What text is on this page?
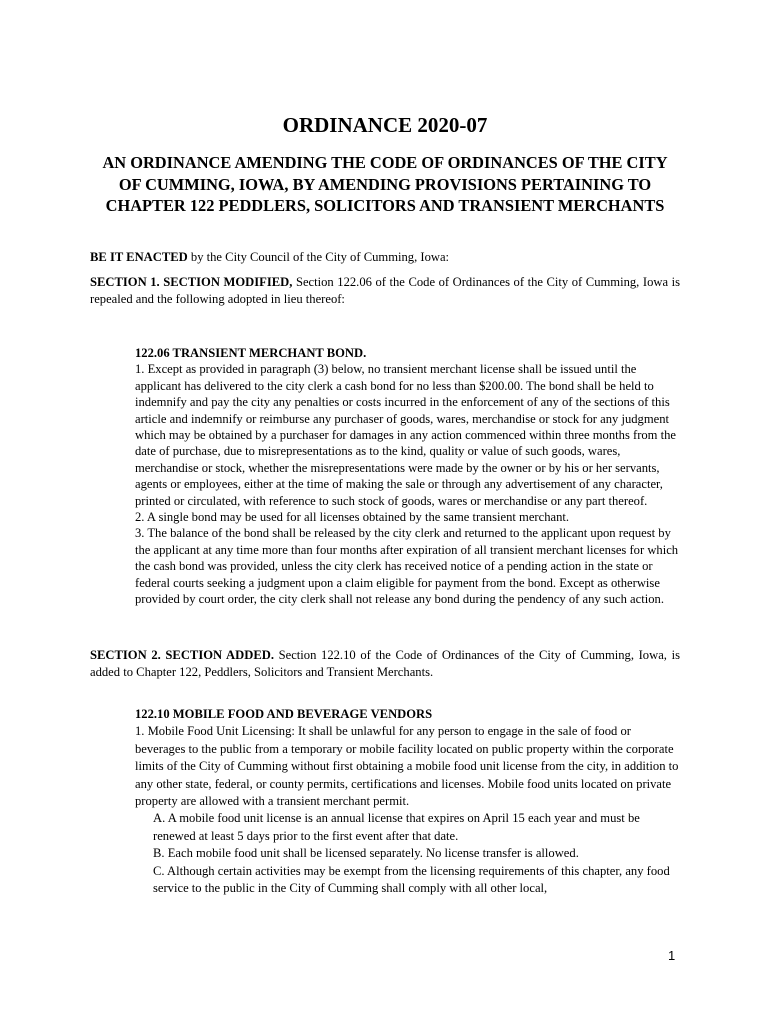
ORDINANCE 2020-07
AN ORDINANCE AMENDING THE CODE OF ORDINANCES OF THE CITY OF CUMMING, IOWA, BY AMENDING PROVISIONS PERTAINING TO CHAPTER 122 PEDDLERS, SOLICITORS AND TRANSIENT MERCHANTS

BE IT ENACTED by the City Council of the City of Cumming, Iowa:

SECTION 1. SECTION MODIFIED, Section 122.06 of the Code of Ordinances of the City of Cumming, Iowa is repealed and the following adopted in lieu thereof:

122.06 TRANSIENT MERCHANT BOND.

1. Except as provided in paragraph (3) below, no transient merchant license shall be issued until the applicant has delivered to the city clerk a cash bond for no less than $200.00. The bond shall be held to indemnify and pay the city any penalties or costs incurred in the enforcement of any of the sections of this article and indemnify or reimburse any purchaser of goods, wares, merchandise or stock for any judgment which may be obtained by a purchaser for damages in any action commenced within three months from the date of purchase, due to misrepresentations as to the kind, quality or value of such goods, wares, merchandise or stock, whether the misrepresentations were made by the owner or by his or her servants, agents or employees, either at the time of making the sale or through any advertisement of any character, printed or circulated, with reference to such stock of goods, wares or merchandise or any part thereof.

2. A single bond may be used for all licenses obtained by the same transient merchant.

3. The balance of the bond shall be released by the city clerk and returned to the applicant upon request by the applicant at any time more than four months after expiration of all transient merchant licenses for which the cash bond was provided, unless the city clerk has received notice of a pending action in the state or federal courts seeking a judgment upon a claim eligible for payment from the bond. Except as otherwise provided by court order, the city clerk shall not release any bond during the pendency of any such action.

SECTION 2. SECTION ADDED. Section 122.10 of the Code of Ordinances of the City of Cumming, Iowa, is added to Chapter 122, Peddlers, Solicitors and Transient Merchants.

122.10 MOBILE FOOD AND BEVERAGE VENDORS

1. Mobile Food Unit Licensing: It shall be unlawful for any person to engage in the sale of food or beverages to the public from a temporary or mobile facility located on public property within the corporate limits of the City of Cumming without first obtaining a mobile food unit license from the city, in addition to any other state, federal, or county permits, certifications and licenses. Mobile food units located on private property are allowed with a transient merchant permit.

A. A mobile food unit license is an annual license that expires on April 15 each year and must be renewed at least 5 days prior to the first event after that date.

B. Each mobile food unit shall be licensed separately. No license transfer is allowed.

C. Although certain activities may be exempt from the licensing requirements of this chapter, any food service to the public in the City of Cumming shall comply with all other local,

1
